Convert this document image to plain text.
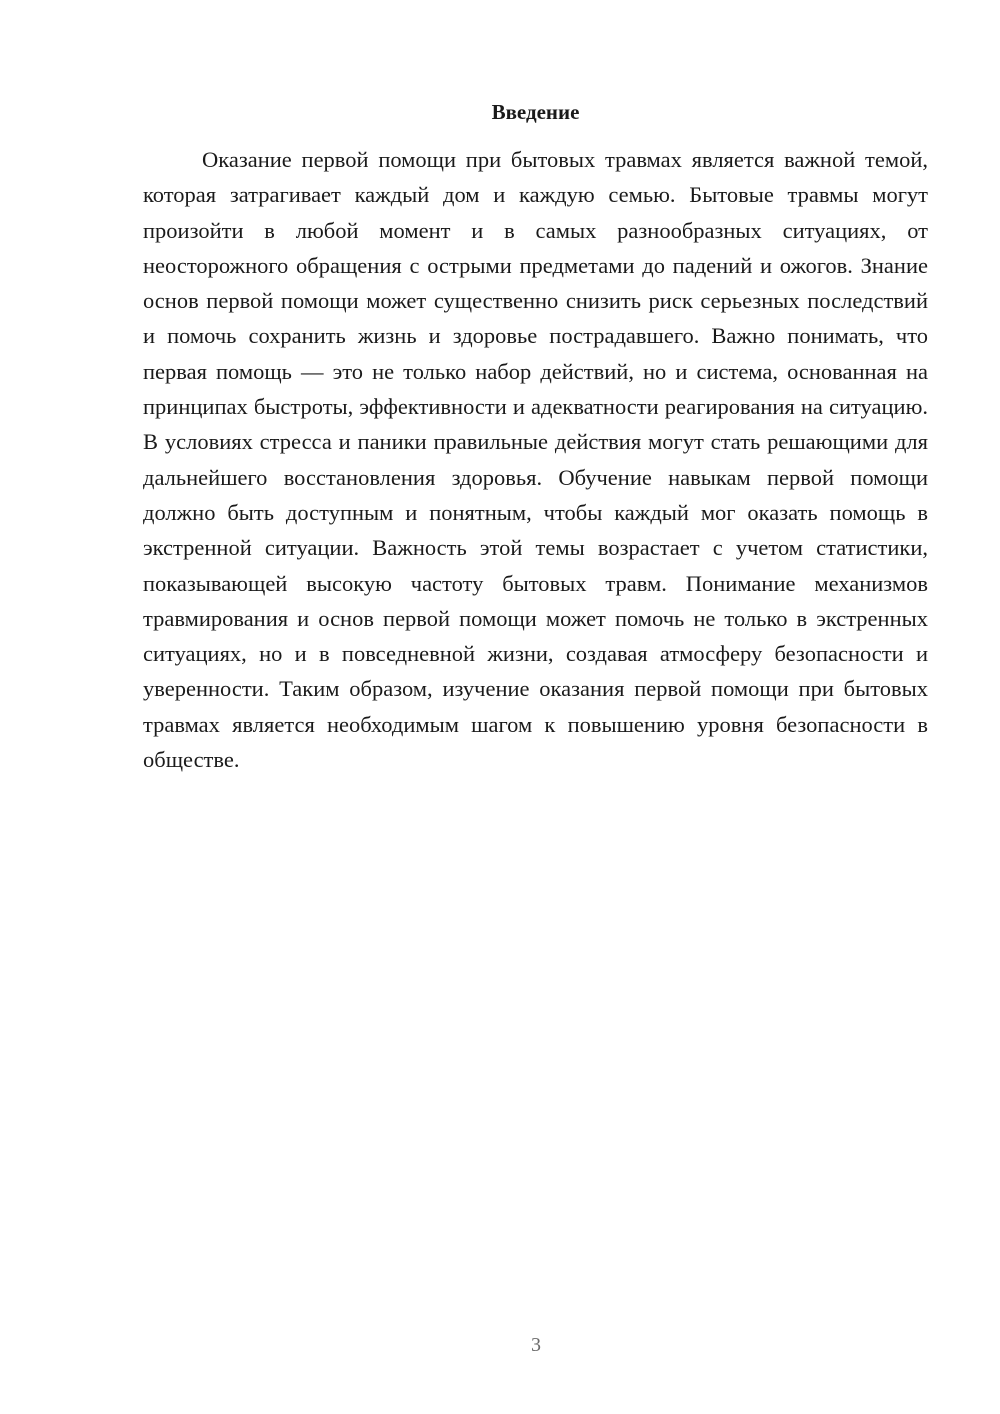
Введение

Оказание первой помощи при бытовых травмах является важной темой, которая затрагивает каждый дом и каждую семью. Бытовые травмы могут произойти в любой момент и в самых разнообразных ситуациях, от неосторожного обращения с острыми предметами до падений и ожогов. Знание основ первой помощи может существенно снизить риск серьезных последствий и помочь сохранить жизнь и здоровье пострадавшего. Важно понимать, что первая помощь — это не только набор действий, но и система, основанная на принципах быстроты, эффективности и адекватности реагирования на ситуацию. В условиях стресса и паники правильные действия могут стать решающими для дальнейшего восстановления здоровья. Обучение навыкам первой помощи должно быть доступным и понятным, чтобы каждый мог оказать помощь в экстренной ситуации. Важность этой темы возрастает с учетом статистики, показывающей высокую частоту бытовых травм. Понимание механизмов травмирования и основ первой помощи может помочь не только в экстренных ситуациях, но и в повседневной жизни, создавая атмосферу безопасности и уверенности. Таким образом, изучение оказания первой помощи при бытовых травмах является необходимым шагом к повышению уровня безопасности в обществе.

3
